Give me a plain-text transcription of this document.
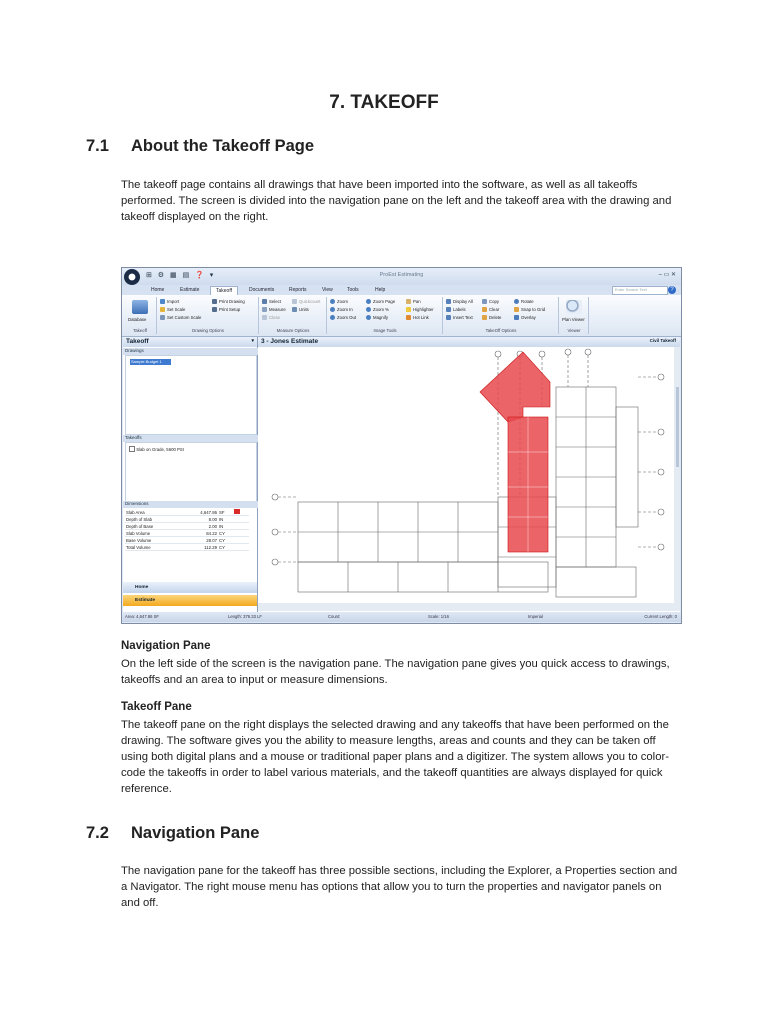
7. TAKEOFF
7.1 About the Takeoff Page
The takeoff page contains all drawings that have been imported into the software, as well as all takeoffs performed. The screen is divided into the navigation pane on the left and the takeoff area with the drawing and takeoff displayed on the right.
⊞ ⚙ ▦ ▤ ❓ ▾	ProEst Estimating	– ▭ ✕
Home	Estimate	Takeoff	Documents	Reports	View	Tools	Help	Enter Search Text	?
Database
Takeoff
Import
Set Scale
Set Custom Scale
Print Drawing
Print Setup
Drawing Options
Select
Measure
Close
Quickcount
Units
Measure Options
Zoom
Zoom In
Zoom Out
Zoom Page
Zoom %
Magnify
Pan
Highlighter
Hot Link
Image Tools
Display All
Labels
Insert Text
Copy
Clear
Delete
Rotate
Snap to Grid
Overlay
TakeOff Options
Plan Viewer
Viewer
Takeoff	▾
Drawings
Sample Budget 1
Takeoffs
Slab on Grade, 5600 PSI
Dimensions
Slab Area	4,647.86	SF	
Depth of Slab	8.00	IN	
Depth of Base	2.00	IN	
Slab Volume	84.22	CY	
Base Volume	28.07	CY	
Total Volume	112.29	CY	
Home
Estimate
3 - Jones Estimate	Civil Takeoff
Area: 4,647.86 SF	Length: 376.33 LF	Count:	Scale: 1/16	Imperial	Current Length: 0
Navigation Pane
On the left side of the screen is the navigation pane. The navigation pane gives you quick access to drawings, takeoffs and an area to input or measure dimensions.
Takeoff Pane
The takeoff pane on the right displays the selected drawing and any takeoffs that have been performed on the drawing. The software gives you the ability to measure lengths, areas and counts and they can be taken off using both digital plans and a mouse or traditional paper plans and a digitizer. The system allows you to color-code the takeoffs in order to label various materials, and the takeoff quantities are always displayed for quick reference.
7.2 Navigation Pane
The navigation pane for the takeoff has three possible sections, including the Explorer, a Properties section and a Navigator. The right mouse menu has options that allow you to turn the properties and navigator panels on and off.
